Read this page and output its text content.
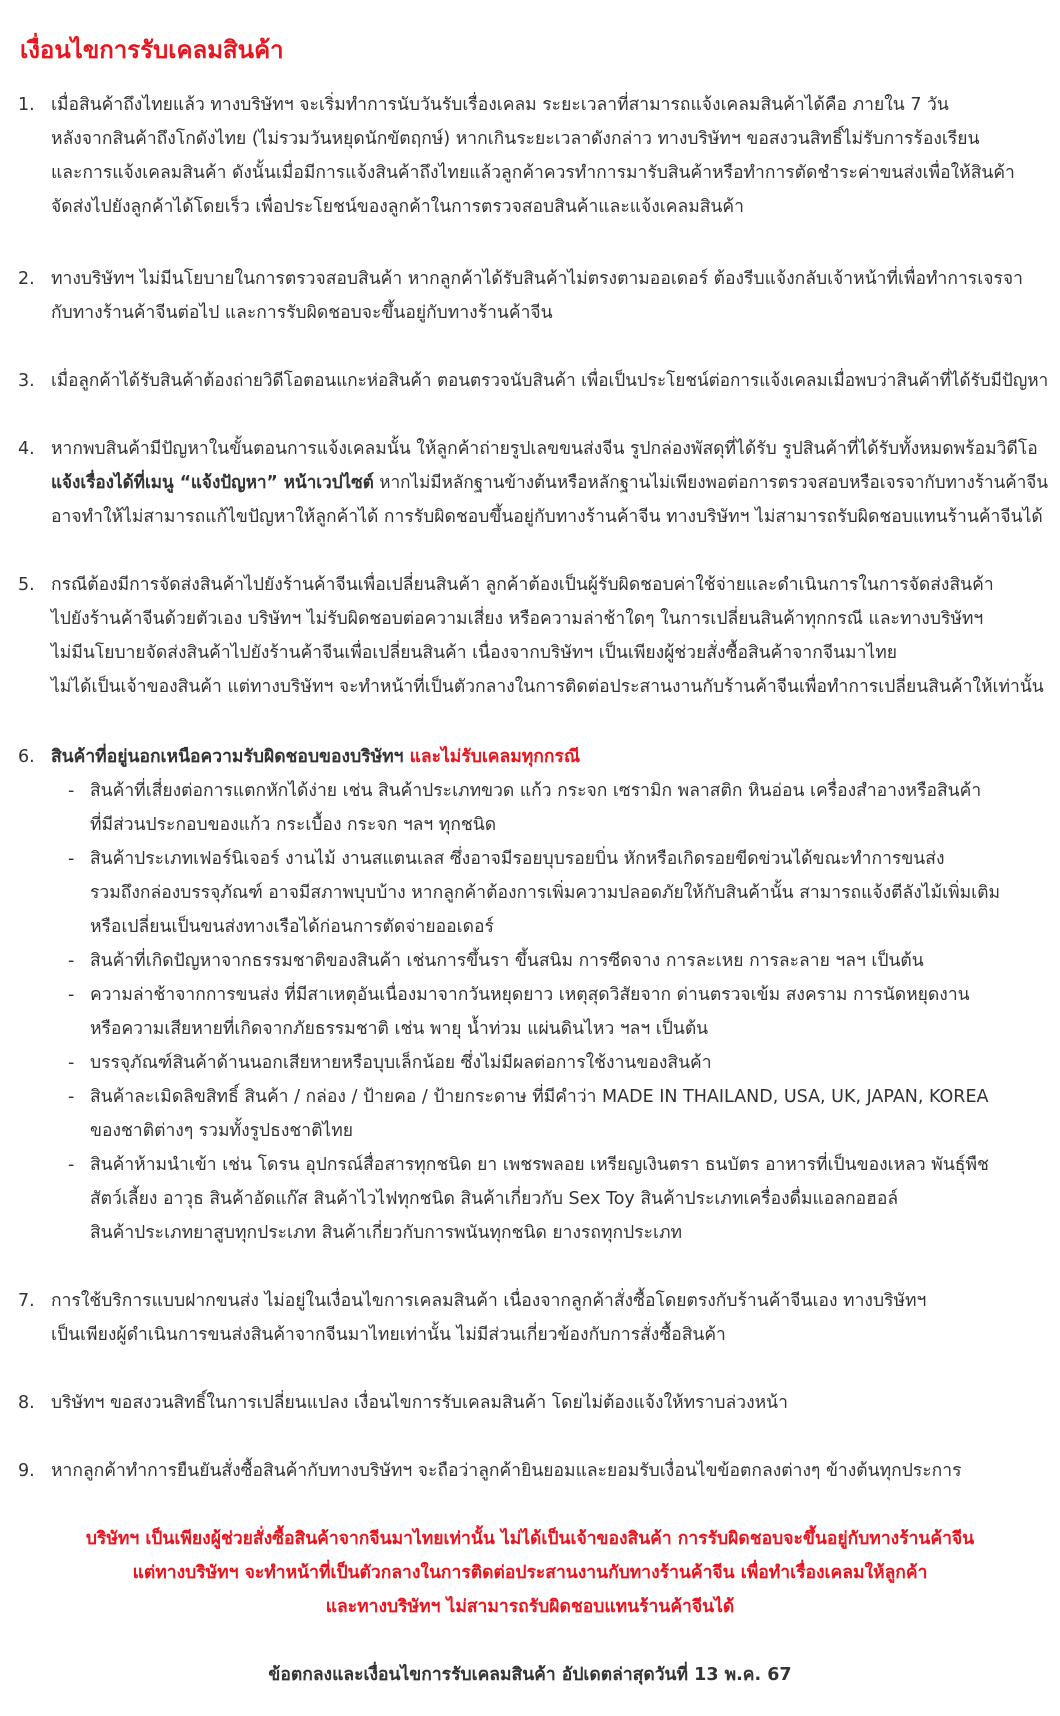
เงื่อนไขการรับเคลมสินค้า
1. เมื่อสินค้าถึงไทยแล้ว ทางบริษัทฯ จะเริ่มทำการนับวันรับเรื่องเคลม ระยะเวลาที่สามารถแจ้งเคลมสินค้าได้คือ ภายใน 7 วัน
หลังจากสินค้าถึงโกดังไทย (ไม่รวมวันหยุดนักขัตฤกษ์) หากเกินระยะเวลาดังกล่าว ทางบริษัทฯ ขอสงวนสิทธิ์ไม่รับการร้องเรียน
และการแจ้งเคลมสินค้า ดังนั้นเมื่อมีการแจ้งสินค้าถึงไทยแล้วลูกค้าควรทำการมารับสินค้าหรือทำการตัดชำระค่าขนส่งเพื่อให้สินค้า
จัดส่งไปยังลูกค้าได้โดยเร็ว เพื่อประโยชน์ของลูกค้าในการตรวจสอบสินค้าและแจ้งเคลมสินค้า
2. ทางบริษัทฯ ไม่มีนโยบายในการตรวจสอบสินค้า หากลูกค้าได้รับสินค้าไม่ตรงตามออเดอร์ ต้องรีบแจ้งกลับเจ้าหน้าที่เพื่อทำการเจรจา
กับทางร้านค้าจีนต่อไป และการรับผิดชอบจะขึ้นอยู่กับทางร้านค้าจีน
3. เมื่อลูกค้าได้รับสินค้าต้องถ่ายวิดีโอตอนแกะห่อสินค้า ตอนตรวจนับสินค้า เพื่อเป็นประโยชน์ต่อการแจ้งเคลมเมื่อพบว่าสินค้าที่ได้รับมีปัญหา
4. หากพบสินค้ามีปัญหาในขั้นตอนการแจ้งเคลมนั้น ให้ลูกค้าถ่ายรูปเลขขนส่งจีน รูปกล่องพัสดุที่ได้รับ รูปสินค้าที่ได้รับทั้งหมดพร้อมวิดีโอ
แจ้งเรื่องได้ที่เมนู “แจ้งปัญหา” หน้าเวปไซต์ หากไม่มีหลักฐานข้างต้นหรือหลักฐานไม่เพียงพอต่อการตรวจสอบหรือเจรจากับทางร้านค้าจีน
อาจทำให้ไม่สามารถแก้ไขปัญหาให้ลูกค้าได้ การรับผิดชอบขึ้นอยู่กับทางร้านค้าจีน ทางบริษัทฯ ไม่สามารถรับผิดชอบแทนร้านค้าจีนได้
5. กรณีต้องมีการจัดส่งสินค้าไปยังร้านค้าจีนเพื่อเปลี่ยนสินค้า ลูกค้าต้องเป็นผู้รับผิดชอบค่าใช้จ่ายและดำเนินการในการจัดส่งสินค้า
ไปยังร้านค้าจีนด้วยตัวเอง บริษัทฯ ไม่รับผิดชอบต่อความเสี่ยง หรือความล่าช้าใดๆ ในการเปลี่ยนสินค้าทุกกรณี และทางบริษัทฯ
ไม่มีนโยบายจัดส่งสินค้าไปยังร้านค้าจีนเพื่อเปลี่ยนสินค้า เนื่องจากบริษัทฯ เป็นเพียงผู้ช่วยสั่งซื้อสินค้าจากจีนมาไทย
ไม่ได้เป็นเจ้าของสินค้า แต่ทางบริษัทฯ จะทำหน้าที่เป็นตัวกลางในการติดต่อประสานงานกับร้านค้าจีนเพื่อทำการเปลี่ยนสินค้าให้เท่านั้น
6. สินค้าที่อยู่นอกเหนือความรับผิดชอบของบริษัทฯ และไม่รับเคลมทุกกรณี
- สินค้าที่เสี่ยงต่อการแตกหักได้ง่าย เช่น สินค้าประเภทขวด แก้ว กระจก เซรามิก พลาสติก หินอ่อน เครื่องสำอางหรือสินค้า
ที่มีส่วนประกอบของแก้ว กระเบื้อง กระจก ฯลฯ ทุกชนิด
- สินค้าประเภทเฟอร์นิเจอร์ งานไม้ งานสแตนเลส ซึ่งอาจมีรอยบุบรอยบิ่น หักหรือเกิดรอยขีดข่วนได้ขณะทำการขนส่ง
รวมถึงกล่องบรรจุภัณฑ์ อาจมีสภาพบุบบ้าง หากลูกค้าต้องการเพิ่มความปลอดภัยให้กับสินค้านั้น สามารถแจ้งตีลังไม้เพิ่มเติม
หรือเปลี่ยนเป็นขนส่งทางเรือได้ก่อนการตัดจ่ายออเดอร์
- สินค้าที่เกิดปัญหาจากธรรมชาติของสินค้า เช่นการขึ้นรา ขึ้นสนิม การซีดจาง การละเหย การละลาย ฯลฯ เป็นต้น
- ความล่าช้าจากการขนส่ง ที่มีสาเหตุอันเนื่องมาจากวันหยุดยาว เหตุสุดวิสัยจาก ด่านตรวจเข้ม สงคราม การนัดหยุดงาน
หรือความเสียหายที่เกิดจากภัยธรรมชาติ เช่น พายุ น้ำท่วม แผ่นดินไหว ฯลฯ เป็นต้น
- บรรจุภัณฑ์สินค้าด้านนอกเสียหายหรือบุบเล็กน้อย ซึ่งไม่มีผลต่อการใช้งานของสินค้า
- สินค้าละเมิดลิขสิทธิ์ สินค้า / กล่อง / ป้ายคอ / ป้ายกระดาษ ที่มีคำว่า MADE IN THAILAND, USA, UK, JAPAN, KOREA
ของชาติต่างๆ รวมทั้งรูปธงชาติไทย
- สินค้าห้ามนำเข้า เช่น โดรน อุปกรณ์สื่อสารทุกชนิด ยา เพชรพลอย เหรียญเงินตรา ธนบัตร อาหารที่เป็นของเหลว พันธุ์พืช
สัตว์เลี้ยง อาวุธ สินค้าอัดแก๊ส สินค้าไวไฟทุกชนิด สินค้าเกี่ยวกับ Sex Toy สินค้าประเภทเครื่องดื่มแอลกอฮอล์
สินค้าประเภทยาสูบทุกประเภท สินค้าเกี่ยวกับการพนันทุกชนิด ยางรถทุกประเภท
7. การใช้บริการแบบฝากขนส่ง ไม่อยู่ในเงื่อนไขการเคลมสินค้า เนื่องจากลูกค้าสั่งซื้อโดยตรงกับร้านค้าจีนเอง ทางบริษัทฯ
เป็นเพียงผู้ดำเนินการขนส่งสินค้าจากจีนมาไทยเท่านั้น ไม่มีส่วนเกี่ยวข้องกับการสั่งซื้อสินค้า
8. บริษัทฯ ขอสงวนสิทธิ์ในการเปลี่ยนแปลง เงื่อนไขการรับเคลมสินค้า โดยไม่ต้องแจ้งให้ทราบล่วงหน้า
9. หากลูกค้าทำการยืนยันสั่งซื้อสินค้ากับทางบริษัทฯ จะถือว่าลูกค้ายินยอมและยอมรับเงื่อนไขข้อตกลงต่างๆ ข้างต้นทุกประการ
บริษัทฯ เป็นเพียงผู้ช่วยสั่งซื้อสินค้าจากจีนมาไทยเท่านั้น ไม่ได้เป็นเจ้าของสินค้า การรับผิดชอบจะขึ้นอยู่กับทางร้านค้าจีน
แต่ทางบริษัทฯ จะทำหน้าที่เป็นตัวกลางในการติดต่อประสานงานกับทางร้านค้าจีน เพื่อทำเรื่องเคลมให้ลูกค้า
และทางบริษัทฯ ไม่สามารถรับผิดชอบแทนร้านค้าจีนได้
ข้อตกลงและเงื่อนไขการรับเคลมสินค้า อัปเดตล่าสุดวันที่ 13 พ.ค. 67
